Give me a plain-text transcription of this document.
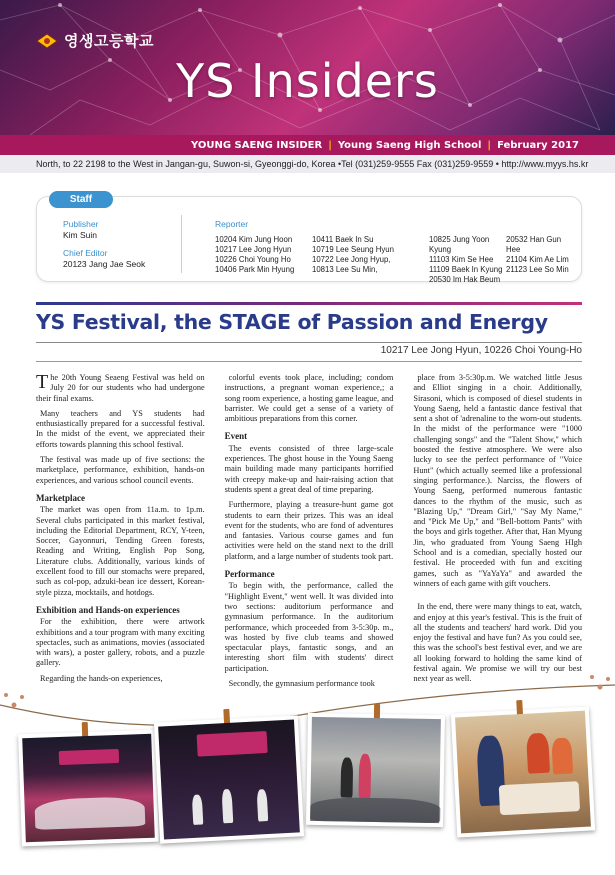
영생고등학교
YS Insiders
YOUNG SAENG INSIDER | Young Saeng High School | February 2017
North, to 22 2198 to the West in Jangan-gu, Suwon-si, Gyeonggi-do, Korea •Tel (031)259-9555 Fax (031)259-9559 • http://www.myys.hs.kr
Staff
Publisher
Kim Suin
Chief Editor
20123 Jang Jae Seok
Reporter
10204 Kim Jung Hoon
10217 Lee Jong Hyun
10226 Choi Young Ho
10406 Park Min Hyung
10411 Baek In Su
10719 Lee Seung Hyun
10722 Lee Jong Hyup,
10813 Lee Su Min,
10825 Jung Yoon Kyung
11103 Kim Se Hee
11109 Baek In Kyung
20530 Im Hak Beum
20532 Han Gun Hee
21104 Kim Ae Lim
21123 Lee So Min
YS Festival, the STAGE of Passion and Energy
10217 Lee Jong Hyun, 10226 Choi Young-Ho

The 20th Young Seaeng Festival was held on July 20 for our students who had undergone their final exams.

Many teachers and YS students had enthusiastically prepared for a successful festival. In the midst of the event, we appreciated their efforts towards planning this school festival.

The festival was made up of five sections: the marketplace, performance, exhibition, hands-on experiences, and various school council events.

Marketplace

The market was open from 11a.m. to 1p.m. Several clubs participated in this market festival, including the Editorial Department, RCY, Y-teen, Soccer, Gayonnuri, Tending Green forests, Reading and Writing, English Pop Song, Literature clubs. Additionally, various kinds of excellent food to fill our stomachs were prepared, such as col-pop, adzuki-bean ice dessert, Korean-style pizza, mocktails, and hotdogs.

Exhibition and Hands-on experiences

For the exhibition, there were artwork exhibitions and a tour program with many exciting spectacles, such as animations, movies (associated with wars), a poster gallery, robots, and a puzzle gallery.

Regarding the hands-on experiences,

colorful events took place, including; condom instructions, a pregnant woman experience,; a song room experience, a hosting game league, and barrister. We could get a sense of a variety of ambitious preparations from this corner.

Event

The events consisted of three large-scale experiences. The ghost house in the Young Saeng main building made many participants horrified with creepy make-up and hair-raising action that students spent a great deal of time preparing.

Furthermore, playing a treasure-hunt game got students to earn their prizes. This was an ideal event for the students, who are fond of adventures and fantasies. Various course games and fun activities were held on the stand next to the drill platform, and a large number of students took part.

Performance

To begin with, the performance, called the "Highlight Event," went well. It was divided into two sections: auditorium performance and gymnasium performance. In the auditorium performance, which proceeded from 3-5:30p. m., was hosted by five club teams and showed spectacular plays, fantastic songs, and an interesting short film with students' direct participation.

Secondly, the gymnasium performance took

place from 3-5:30p.m. We watched little Jesus and Elliot singing in a choir. Additionally, Sirasoni, which is composed of diesel students in Young Saeng, held a fantastic dance festival that sent a shot of 'adrenaline to the worn-out students. In the midst of the performance were "1000 challenging songs" and the "Talent Show," which boosted the festive atmosphere. We were also lucky to see the perfect performance of "Voice Hunt" (which actually seemed like a professional singing performance.). Narciss, the flowers of Young Saeng, performed numerous fantastic dances to the rhythm of the music, such as "Blazing Up," "Dream Girl," "Say My Name," and "Pick Me Up," and "Bell-bottom Pants" with the boys and girls together. After that, Han Myung Jin, who graduated from Young Saeng HIgh School and is a comedian, specially hosted our festival. He proceeded with fun and exciting games, such as "YaYaYa" and awarded the winners of each game with gift vouchers.

In the end, there were many things to eat, watch, and enjoy at this year's festival. This is the fruit of all the students and teachers' hard work. Did you enjoy the festival and have fun? As you could see, this was the school's best festival ever, and we are all looking forward to holding the same kind of festival again. We promise we will try our best next year as well.
